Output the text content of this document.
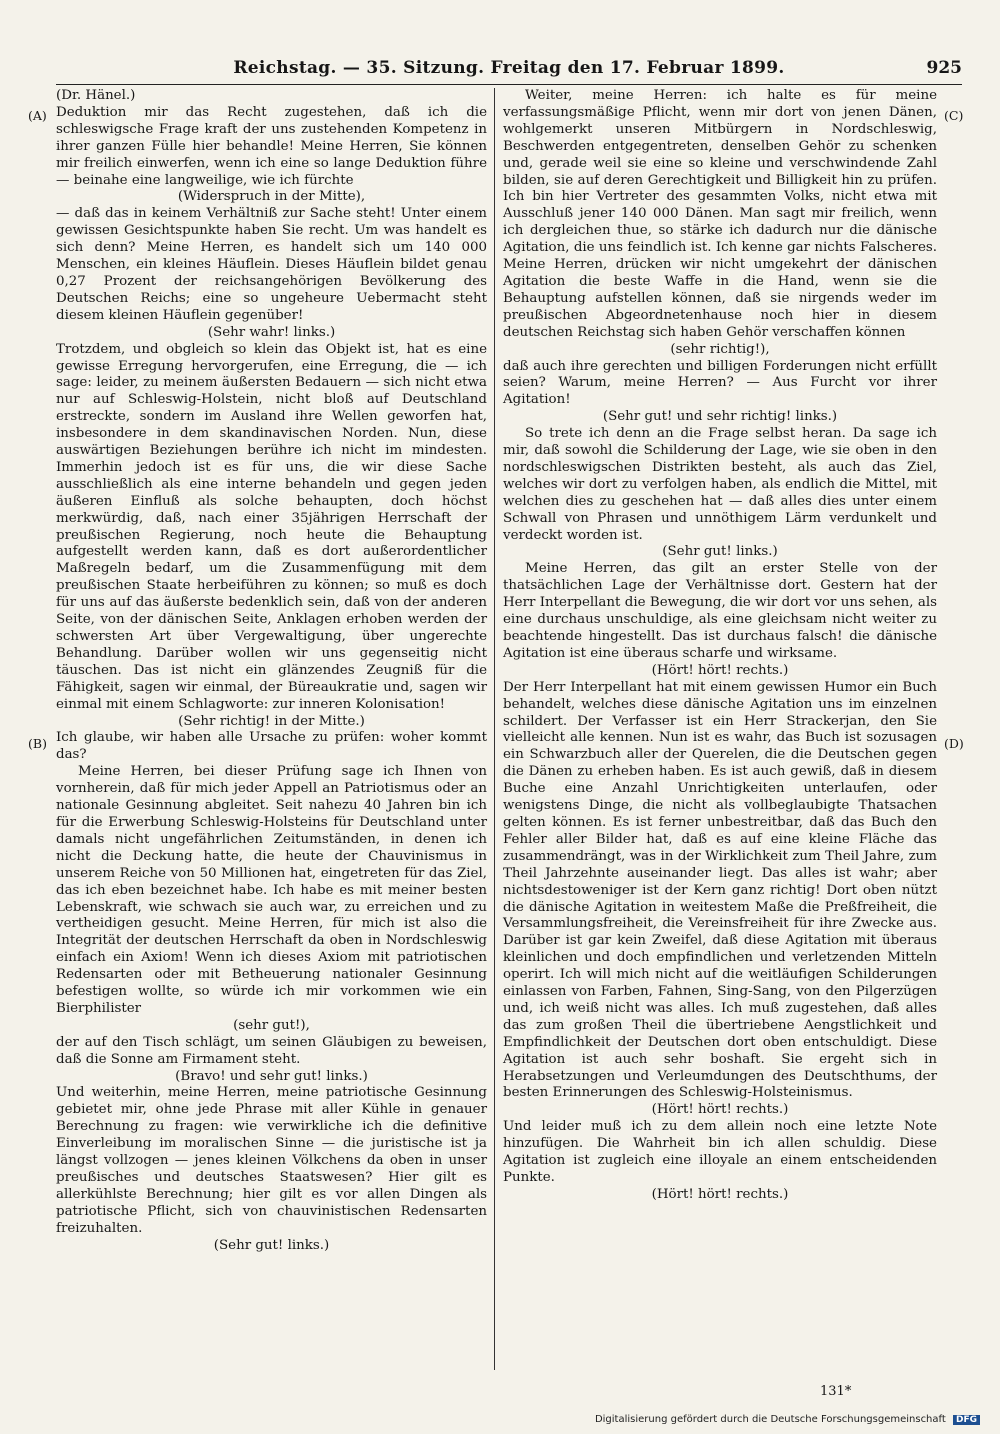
Reichstag. — 35. Sitzung. Freitag den 17. Februar 1899.	925
(A)
(B)
(C)
(D)

(Dr. Hänel.)

Deduktion mir das Recht zugestehen, daß ich die schleswigsche Frage kraft der uns zustehenden Kompetenz in ihrer ganzen Fülle hier behandle! Meine Herren, Sie können mir freilich einwerfen, wenn ich eine so lange Deduktion führe — beinahe eine langweilige, wie ich fürchte

(Widerspruch in der Mitte),

— daß das in keinem Verhältniß zur Sache steht! Unter einem gewissen Gesichtspunkte haben Sie recht. Um was handelt es sich denn? Meine Herren, es handelt sich um 140 000 Menschen, ein kleines Häuflein. Dieses Häuflein bildet genau 0,27 Prozent der reichsangehörigen Bevölkerung des Deutschen Reichs; eine so ungeheure Uebermacht steht diesem kleinen Häuflein gegenüber!

(Sehr wahr! links.)

Trotzdem, und obgleich so klein das Objekt ist, hat es eine gewisse Erregung hervorgerufen, eine Erregung, die — ich sage: leider, zu meinem äußersten Bedauern — sich nicht etwa nur auf Schleswig-Holstein, nicht bloß auf Deutschland erstreckte, sondern im Ausland ihre Wellen geworfen hat, insbesondere in dem skandinavischen Norden. Nun, diese auswärtigen Beziehungen berühre ich nicht im mindesten. Immerhin jedoch ist es für uns, die wir diese Sache ausschließlich als eine interne behandeln und gegen jeden äußeren Einfluß als solche behaupten, doch höchst merkwürdig, daß, nach einer 35jährigen Herrschaft der preußischen Regierung, noch heute die Behauptung aufgestellt werden kann, daß es dort außerordentlicher Maßregeln bedarf, um die Zusammenfügung mit dem preußischen Staate herbeiführen zu können; so muß es doch für uns auf das äußerste bedenklich sein, daß von der anderen Seite, von der dänischen Seite, Anklagen erhoben werden der schwersten Art über Vergewaltigung, über ungerechte Behandlung. Darüber wollen wir uns gegenseitig nicht täuschen. Das ist nicht ein glänzendes Zeugniß für die Fähigkeit, sagen wir einmal, der Büreaukratie und, sagen wir einmal mit einem Schlagworte: zur inneren Kolonisation!

(Sehr richtig! in der Mitte.)

Ich glaube, wir haben alle Ursache zu prüfen: woher kommt das?

Meine Herren, bei dieser Prüfung sage ich Ihnen von vornherein, daß für mich jeder Appell an Patriotismus oder an nationale Gesinnung abgleitet. Seit nahezu 40 Jahren bin ich für die Erwerbung Schleswig-Holsteins für Deutschland unter damals nicht ungefährlichen Zeitumständen, in denen ich nicht die Deckung hatte, die heute der Chauvinismus in unserem Reiche von 50 Millionen hat, eingetreten für das Ziel, das ich eben bezeichnet habe. Ich habe es mit meiner besten Lebenskraft, wie schwach sie auch war, zu erreichen und zu vertheidigen gesucht. Meine Herren, für mich ist also die Integrität der deutschen Herrschaft da oben in Nordschleswig einfach ein Axiom! Wenn ich dieses Axiom mit patriotischen Redensarten oder mit Betheuerung nationaler Gesinnung befestigen wollte, so würde ich mir vorkommen wie ein Bierphilister

(sehr gut!),

der auf den Tisch schlägt, um seinen Gläubigen zu beweisen, daß die Sonne am Firmament steht.

(Bravo! und sehr gut! links.)

Und weiterhin, meine Herren, meine patriotische Gesinnung gebietet mir, ohne jede Phrase mit aller Kühle in genauer Berechnung zu fragen: wie verwirkliche ich die definitive Einverleibung im moralischen Sinne — die juristische ist ja längst vollzogen — jenes kleinen Völkchens da oben in unser preußisches und deutsches Staatswesen? Hier gilt es allerkühlste Berechnung; hier gilt es vor allen Dingen als patriotische Pflicht, sich von chauvinistischen Redensarten freizuhalten.

(Sehr gut! links.)

Weiter, meine Herren: ich halte es für meine verfassungsmäßige Pflicht, wenn mir dort von jenen Dänen, wohlgemerkt unseren Mitbürgern in Nordschleswig, Beschwerden entgegentreten, denselben Gehör zu schenken und, gerade weil sie eine so kleine und verschwindende Zahl bilden, sie auf deren Gerechtigkeit und Billigkeit hin zu prüfen. Ich bin hier Vertreter des gesammten Volks, nicht etwa mit Ausschluß jener 140 000 Dänen. Man sagt mir freilich, wenn ich dergleichen thue, so stärke ich dadurch nur die dänische Agitation, die uns feindlich ist. Ich kenne gar nichts Falscheres. Meine Herren, drücken wir nicht umgekehrt der dänischen Agitation die beste Waffe in die Hand, wenn sie die Behauptung aufstellen können, daß sie nirgends weder im preußischen Abgeordnetenhause noch hier in diesem deutschen Reichstag sich haben Gehör verschaffen können

(sehr richtig!),

daß auch ihre gerechten und billigen Forderungen nicht erfüllt seien? Warum, meine Herren? — Aus Furcht vor ihrer Agitation!

(Sehr gut! und sehr richtig! links.)

So trete ich denn an die Frage selbst heran. Da sage ich mir, daß sowohl die Schilderung der Lage, wie sie oben in den nordschleswigschen Distrikten besteht, als auch das Ziel, welches wir dort zu verfolgen haben, als endlich die Mittel, mit welchen dies zu geschehen hat — daß alles dies unter einem Schwall von Phrasen und unnöthigem Lärm verdunkelt und verdeckt worden ist.

(Sehr gut! links.)

Meine Herren, das gilt an erster Stelle von der thatsächlichen Lage der Verhältnisse dort. Gestern hat der Herr Interpellant die Bewegung, die wir dort vor uns sehen, als eine durchaus unschuldige, als eine gleichsam nicht weiter zu beachtende hingestellt. Das ist durchaus falsch! die dänische Agitation ist eine überaus scharfe und wirksame.

(Hört! hört! rechts.)

Der Herr Interpellant hat mit einem gewissen Humor ein Buch behandelt, welches diese dänische Agitation uns im einzelnen schildert. Der Verfasser ist ein Herr Strackerjan, den Sie vielleicht alle kennen. Nun ist es wahr, das Buch ist sozusagen ein Schwarzbuch aller der Querelen, die die Deutschen gegen die Dänen zu erheben haben. Es ist auch gewiß, daß in diesem Buche eine Anzahl Unrichtigkeiten unterlaufen, oder wenigstens Dinge, die nicht als vollbeglaubigte Thatsachen gelten können. Es ist ferner unbestreitbar, daß das Buch den Fehler aller Bilder hat, daß es auf eine kleine Fläche das zusammendrängt, was in der Wirklichkeit zum Theil Jahre, zum Theil Jahrzehnte auseinander liegt. Das alles ist wahr; aber nichtsdestoweniger ist der Kern ganz richtig! Dort oben nützt die dänische Agitation in weitestem Maße die Preßfreiheit, die Versammlungsfreiheit, die Vereinsfreiheit für ihre Zwecke aus. Darüber ist gar kein Zweifel, daß diese Agitation mit überaus kleinlichen und doch empfindlichen und verletzenden Mitteln operirt. Ich will mich nicht auf die weitläufigen Schilderungen einlassen von Farben, Fahnen, Sing-Sang, von den Pilgerzügen und, ich weiß nicht was alles. Ich muß zugestehen, daß alles das zum großen Theil die übertriebene Aengstlichkeit und Empfindlichkeit der Deutschen dort oben entschuldigt. Diese Agitation ist auch sehr boshaft. Sie ergeht sich in Herabsetzungen und Verleumdungen des Deutschthums, der besten Erinnerungen des Schleswig-Holsteinismus.

(Hört! hört! rechts.)

Und leider muß ich zu dem allein noch eine letzte Note hinzufügen. Die Wahrheit bin ich allen schuldig. Diese Agitation ist zugleich eine illoyale an einem entscheidenden Punkte.

(Hört! hört! rechts.)

131*
Digitalisierung gefördert durch die Deutsche Forschungsgemeinschaft DFG
